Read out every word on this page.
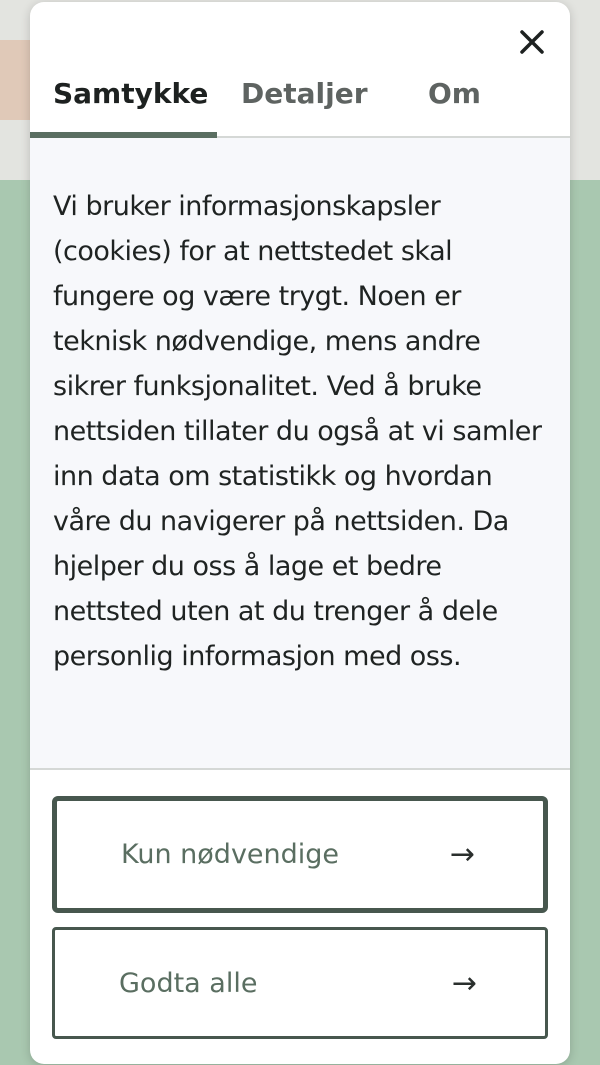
Samtykke Detaljer Om

Vi bruker informasjonskapsler (cookies) for at nettstedet skal fungere og være trygt. Noen er teknisk nødvendige, mens andre sikrer funksjonalitet. Ved å bruke nettsiden tillater du også at vi samler inn data om statistikk og hvordan våre du navigerer på nettsiden. Da hjelper du oss å lage et bedre nettsted uten at du trenger å dele personlig informasjon med oss.

Kun nødvendige	→
Godta alle	→
